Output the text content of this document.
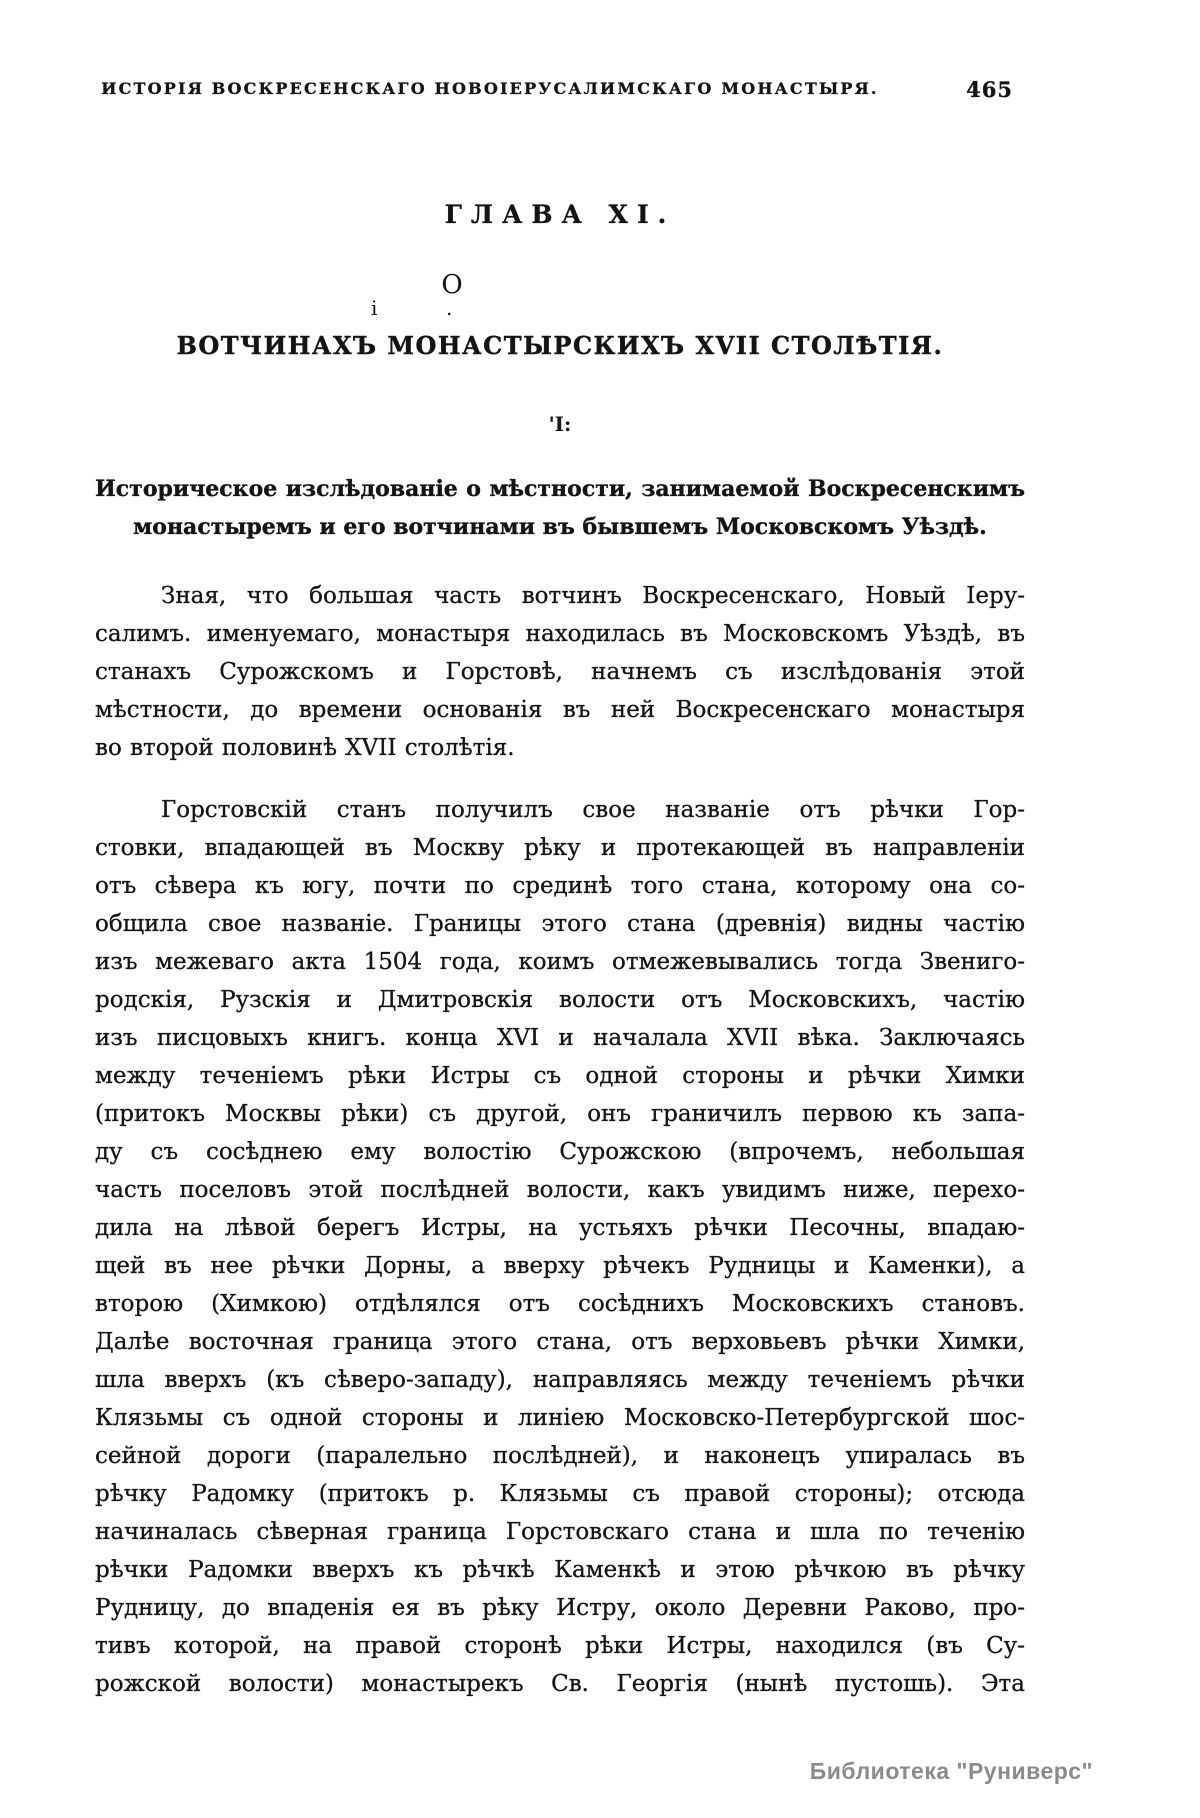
ИСТОРІЯ ВОСКРЕСЕНСКАГО НОВОІЕРУСАЛИМСКАГО МОНАСТЫРЯ.	465
ГЛАВА XI.
О
і	.
ВОТЧИНАХЪ МОНАСТЫРСКИХЪ XVII СТОЛѢТІЯ.
'I:
Историческое изслѣдованіе о мѣстности, занимаемой Воскресенскимъ
монастыремъ и его вотчинами въ бывшемъ Московскомъ Уѣздѣ.
Зная, что большая часть вотчинъ Воскресенскаго, Новый Іеру-
салимъ. именуемаго, монастыря находилась въ Московскомъ Уѣздѣ, въ
станахъ Сурожскомъ и Горстовѣ, начнемъ съ изслѣдованія этой
мѣстности, до времени основанія въ ней Воскресенскаго монастыря
во второй половинѣ XVII столѣтія.
Горстовскій станъ получилъ свое названіе отъ рѣчки Гор-
стовки, впадающей въ Москву рѣку и протекающей въ направленіи
отъ сѣвера къ югу, почти по срединѣ того стана, которому она со-
общила свое названіе. Границы этого стана (древнія) видны частію
изъ межеваго акта 1504 года, коимъ отмежевывались тогда Звениго-
родскія, Рузскія и Дмитровскія волости отъ Московскихъ, частію
изъ писцовыхъ книгъ. конца XVI и началала XVII вѣка. Заключаясь
между теченіемъ рѣки Истры съ одной стороны и рѣчки Химки
(притокъ Москвы рѣки) съ другой, онъ граничилъ первою къ запа-
ду съ сосѣднею ему волостію Сурожскою (впрочемъ, небольшая
часть поселовъ этой послѣдней волости, какъ увидимъ ниже, перехо-
дила на лѣвой берегъ Истры, на устьяхъ рѣчки Песочны, впадаю-
щей въ нее рѣчки Дорны, а вверху рѣчекъ Рудницы и Каменки), а
второю (Химкою) отдѣлялся отъ сосѣднихъ Московскихъ становъ.
Далѣе восточная граница этого стана, отъ верховьевъ рѣчки Химки,
шла вверхъ (къ сѣверо-западу), направляясь между теченіемъ рѣчки
Клязьмы съ одной стороны и линіею Московско-Петербургской шос-
сейной дороги (паралельно послѣдней), и наконецъ упиралась въ
рѣчку Радомку (притокъ р. Клязьмы съ правой стороны); отсюда
начиналась сѣверная граница Горстовскаго стана и шла по теченію
рѣчки Радомки вверхъ къ рѣчкѣ Каменкѣ и этою рѣчкою въ рѣчку
Рудницу, до впаденія ея въ рѣку Истру, около Деревни Раково, про-
тивъ которой, на правой сторонѣ рѣки Истры, находился (въ Су-
рожской волости) монастырекъ Св. Георгія (нынѣ пустошь). Эта
Библиотека "Руниверс"
